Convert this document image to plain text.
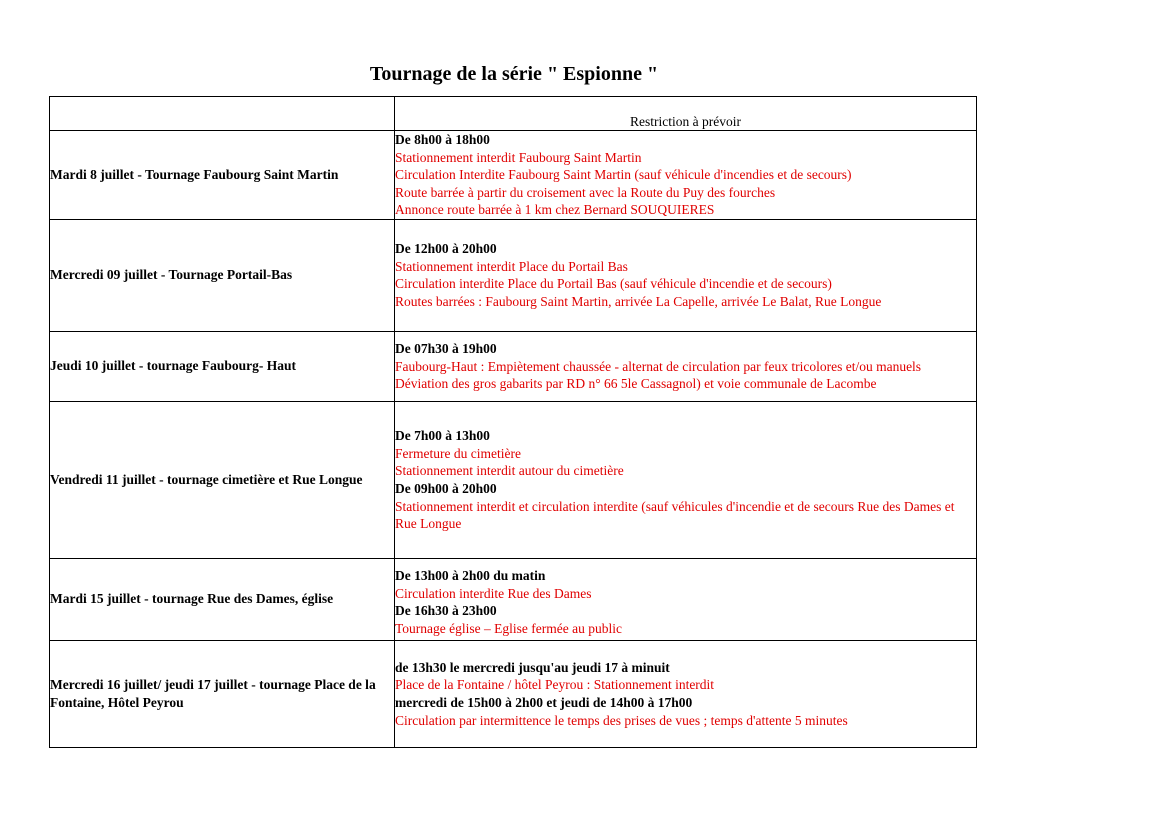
Tournage de la série " Espionne "

	Restriction à prévoir

Mardi 8 juillet - Tournage Faubourg Saint Martin	De 8h00 à 18h00
Stationnement interdit Faubourg Saint Martin
Circulation Interdite Faubourg Saint Martin (sauf véhicule d'incendies et de secours)
Route barrée à partir du croisement avec la Route du Puy des fourches
Annonce route barrée à 1 km chez Bernard SOUQUIERES

Mercredi 09 juillet - Tournage Portail-Bas	De 12h00 à 20h00
Stationnement interdit Place du Portail Bas
Circulation interdite Place du Portail Bas (sauf véhicule d'incendie et de secours)
Routes barrées : Faubourg Saint Martin, arrivée La Capelle, arrivée Le Balat, Rue Longue

Jeudi 10 juillet - tournage Faubourg- Haut	De 07h30 à 19h00
Faubourg-Haut : Empiètement chaussée - alternat de circulation par feux tricolores et/ou manuels
Déviation des gros gabarits par RD n° 66 5le Cassagnol) et voie communale de Lacombe

Vendredi 11 juillet - tournage cimetière et Rue Longue	De 7h00 à 13h00
Fermeture du cimetière
Stationnement interdit autour du cimetière
De 09h00 à 20h00
Stationnement interdit et circulation interdite (sauf véhicules d'incendie et de secours Rue des Dames et Rue Longue

Mardi 15 juillet - tournage Rue des Dames, église	De 13h00 à 2h00 du matin
Circulation interdite Rue des Dames
De 16h30 à 23h00
Tournage église – Eglise fermée au public

Mercredi 16 juillet/ jeudi 17 juillet - tournage Place de la Fontaine, Hôtel Peyrou	de 13h30 le mercredi jusqu'au jeudi 17 à minuit
Place de la Fontaine / hôtel Peyrou : Stationnement interdit
mercredi de 15h00 à 2h00 et jeudi de 14h00 à 17h00
Circulation par intermittence le temps des prises de vues ; temps d'attente 5 minutes
